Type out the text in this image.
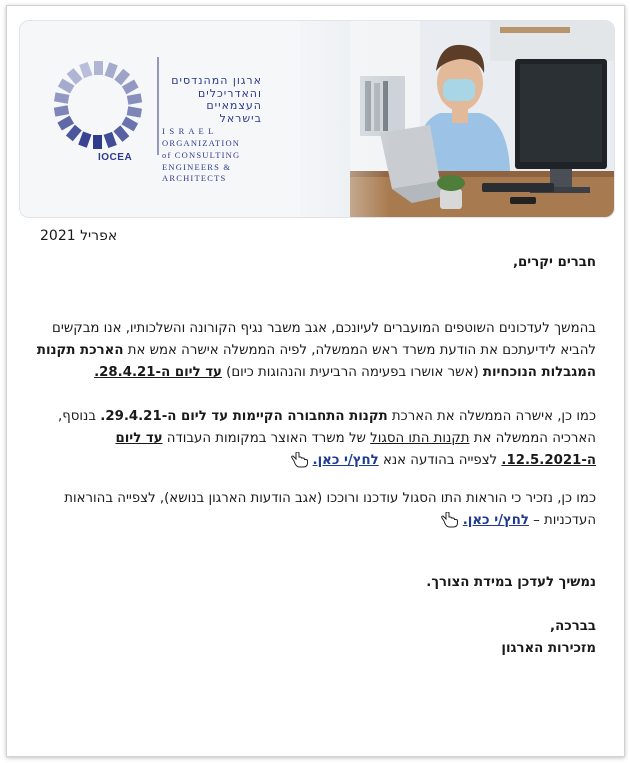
ארגון המהנדסים
והאדריכלים
העצמאיים
בישראל
I S R A E L
ORGANIZATION
of CONSULTING
ENGINEERS & ARCHITECTS
IOCEA
אפריל 2021

חברים יקרים,

בהמשך לעדכונים השוטפים המועברים לעיונכם, אגב משבר נגיף הקורונה והשלכותיו, אנו מבקשים להביא לידיעתכם את הודעת משרד ראש הממשלה, לפיה הממשלה אישרה אמש את הארכת תקנות המגבלות הנוכחיות (אשר אושרו בפעימה הרביעית והנהוגות כיום) עד ליום ה-28.4.21.

כמו כן, אישרה הממשלה את הארכת תקנות התחבורה הקיימות עד ליום ה-29.4.21. בנוסף, הארכיה הממשלה את תקנות התו הסגול של משרד האוצר במקומות העבודה עד ליום ה-12.5.2021. לצפייה בהודעה אנא לחץ/י כאן.

כמו כן, נזכיר כי הוראות התו הסגול עודכנו ורוככו (אגב הודעות הארגון בנושא), לצפייה בהוראות העדכניות – לחץ/י כאן.

נמשיך לעדכן במידת הצורך.

בברכה,

מזכירות הארגון
